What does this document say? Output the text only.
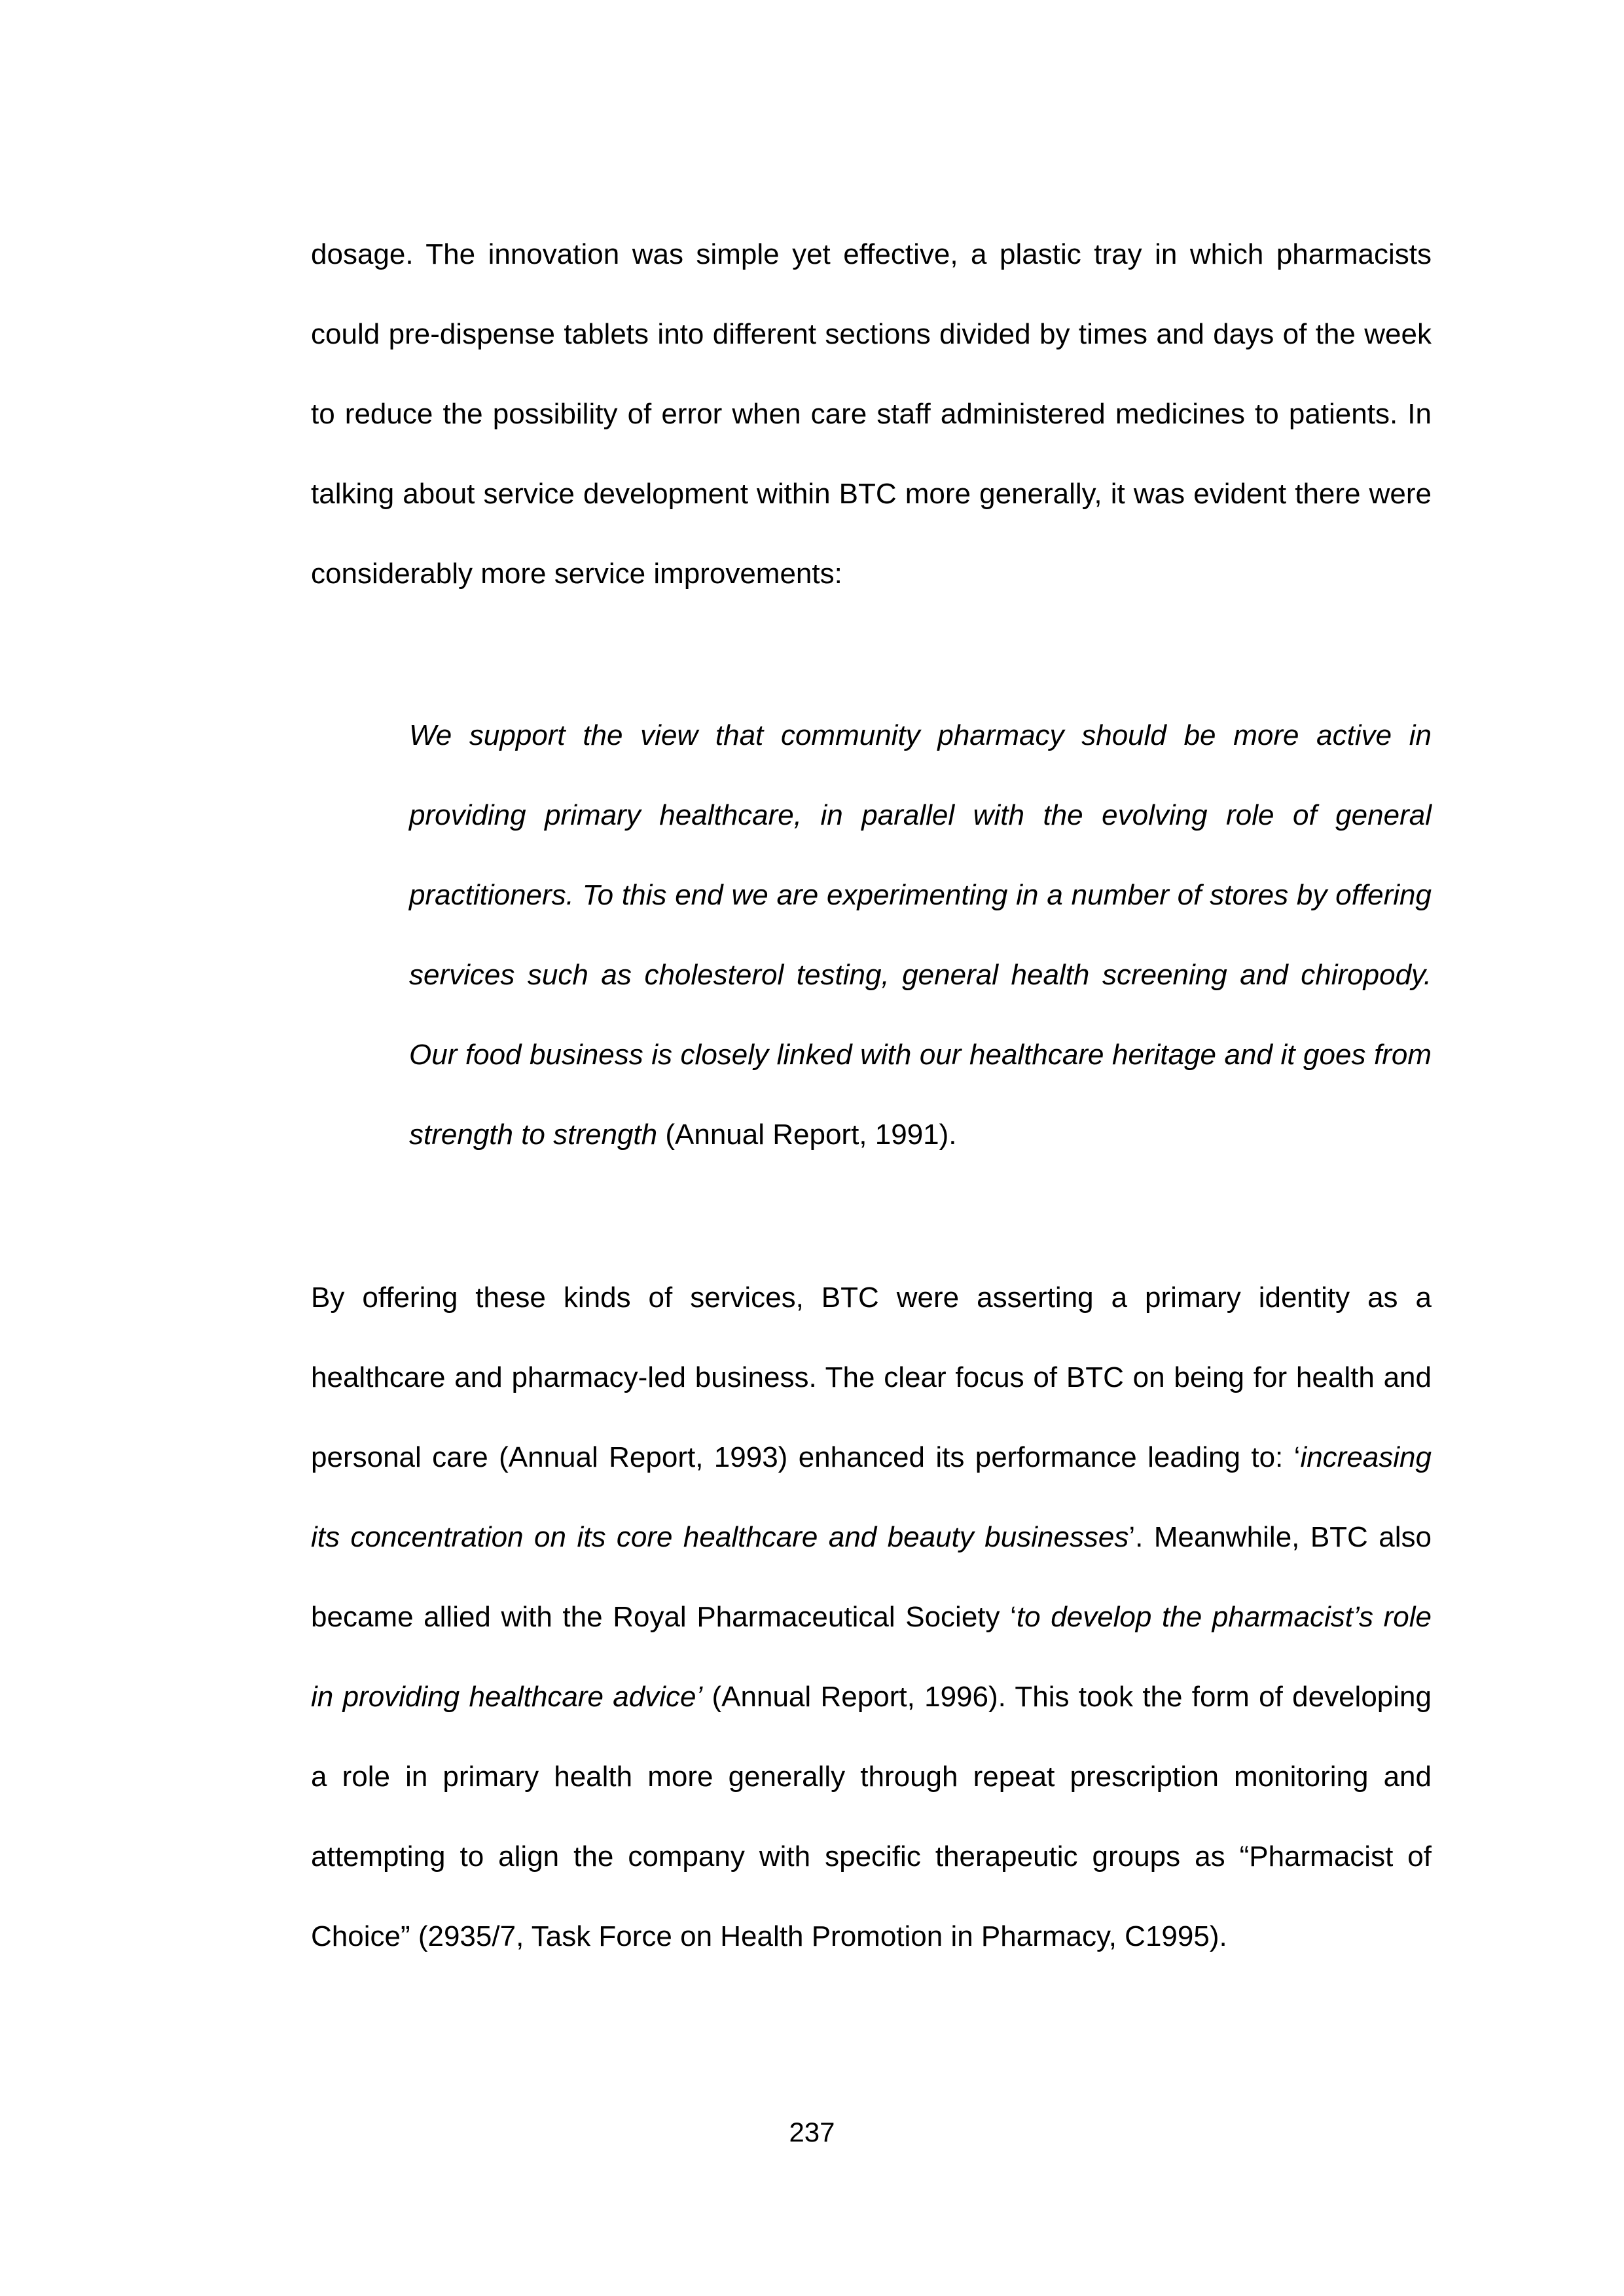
dosage. The innovation was simple yet effective, a plastic tray in which pharmacists could pre-dispense tablets into different sections divided by times and days of the week to reduce the possibility of error when care staff administered medicines to patients. In talking about service development within BTC more generally, it was evident there were considerably more service improvements:

We support the view that community pharmacy should be more active in providing primary healthcare, in parallel with the evolving role of general practitioners. To this end we are experimenting in a number of stores by offering services such as cholesterol testing, general health screening and chiropody. Our food business is closely linked with our healthcare heritage and it goes from strength to strength (Annual Report, 1991).

By offering these kinds of services, BTC were asserting a primary identity as a healthcare and pharmacy-led business. The clear focus of BTC on being for health and personal care (Annual Report, 1993) enhanced its performance leading to: ‘increasing its concentration on its core healthcare and beauty businesses’. Meanwhile, BTC also became allied with the Royal Pharmaceutical Society ‘to develop the pharmacist’s role in providing healthcare advice’ (Annual Report, 1996). This took the form of developing a role in primary health more generally through repeat prescription monitoring and attempting to align the company with specific therapeutic groups as “Pharmacist of Choice” (2935/7, Task Force on Health Promotion in Pharmacy, C1995).

237
